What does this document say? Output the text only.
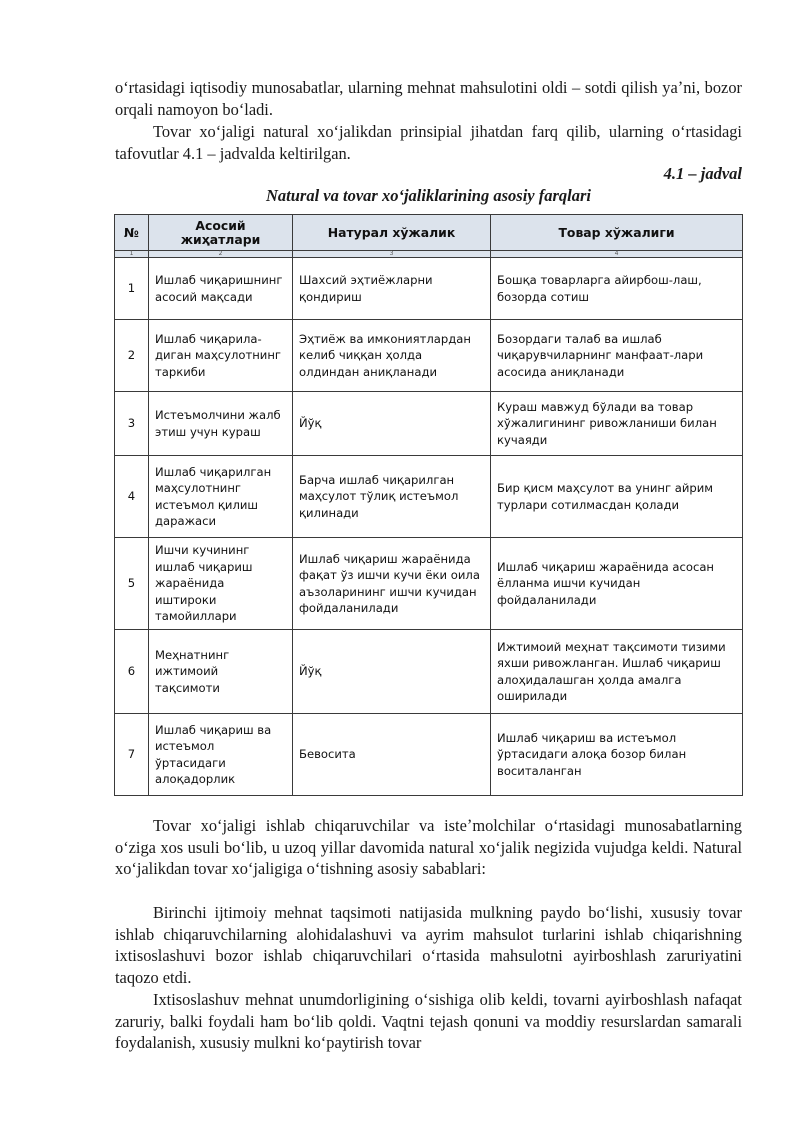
oʻrtasidagi iqtisodiy munosabatlar, ularning mehnat mahsulotini oldi – sotdi qilish yaʼni, bozor orqali namoyon boʻladi.

Tovar xoʻjaligi natural xoʻjalikdan prinsipial jihatdan farq qilib, ularning oʻrtasidagi tafovutlar 4.1 – jadvalda keltirilgan.

4.1 – jadval
Natural va tovar xoʻjaliklarining asosiy farqlari
№	Асосий жиҳатлари	Натурал хўжалик	Товар хўжалиги
1	2	3	4
1	Ишлаб чиқаришнинг асосий мақсади	Шахсий эҳтиёжларни қондириш	Бошқа товарларга айирбош-лаш, бозорда сотиш
2	Ишлаб чиқарила-диган маҳсулотнинг таркиби	Эҳтиёж ва имкониятлардан келиб чиққан ҳолда олдиндан аниқланади	Бозордаги талаб ва ишлаб чиқарувчиларнинг манфаат-лари асосида аниқланади
3	Истеъмолчини жалб этиш учун кураш	Йўқ	Кураш мавжуд бўлади ва товар хўжалигининг ривожланиши билан кучаяди
4	Ишлаб чиқарилган маҳсулотнинг истеъмол қилиш даражаси	Барча ишлаб чиқарилган маҳсулот тўлиқ истеъмол қилинади	Бир қисм маҳсулот ва унинг айрим турлари сотилмасдан қолади
5	Ишчи кучининг ишлаб чиқариш жараёнида иштироки тамойиллари	Ишлаб чиқариш жараёнида фақат ўз ишчи кучи ёки оила аъзоларининг ишчи кучидан фойдаланилади	Ишлаб чиқариш жараёнида асосан ёлланма ишчи кучидан фойдаланилади
6	Меҳнатнинг ижтимоий тақсимоти	Йўқ	Ижтимоий меҳнат тақсимоти тизими яхши ривожланган. Ишлаб чиқариш алоҳидалашган ҳолда амалга оширилади
7	Ишлаб чиқариш ва истеъмол ўртасидаги алоқадорлик	Бевосита	Ишлаб чиқариш ва истеъмол ўртасидаги алоқа бозор билан воситаланган

Tovar xoʻjaligi ishlab chiqaruvchilar va isteʼmolchilar oʻrtasidagi munosabatlarning oʻziga xos usuli boʻlib, u uzoq yillar davomida natural xoʻjalik negizida vujudga keldi. Natural xoʻjalikdan tovar xoʻjaligiga oʻtishning asosiy sabablari:

Birinchi ijtimoiy mehnat taqsimoti natijasida mulkning paydo boʻlishi, xususiy tovar ishlab chiqaruvchilarning alohidalashuvi va ayrim mahsulot turlarini ishlab chiqarishning ixtisoslashuvi bozor ishlab chiqaruvchilari oʻrtasida mahsulotni ayirboshlash zaruriyatini taqozo etdi.

Ixtisoslashuv mehnat unumdorligining oʻsishiga olib keldi, tovarni ayirboshlash nafaqat zaruriy, balki foydali ham boʻlib qoldi. Vaqtni tejash qonuni va moddiy resurslardan samarali foydalanish, xususiy mulkni koʻpaytirish tovar
